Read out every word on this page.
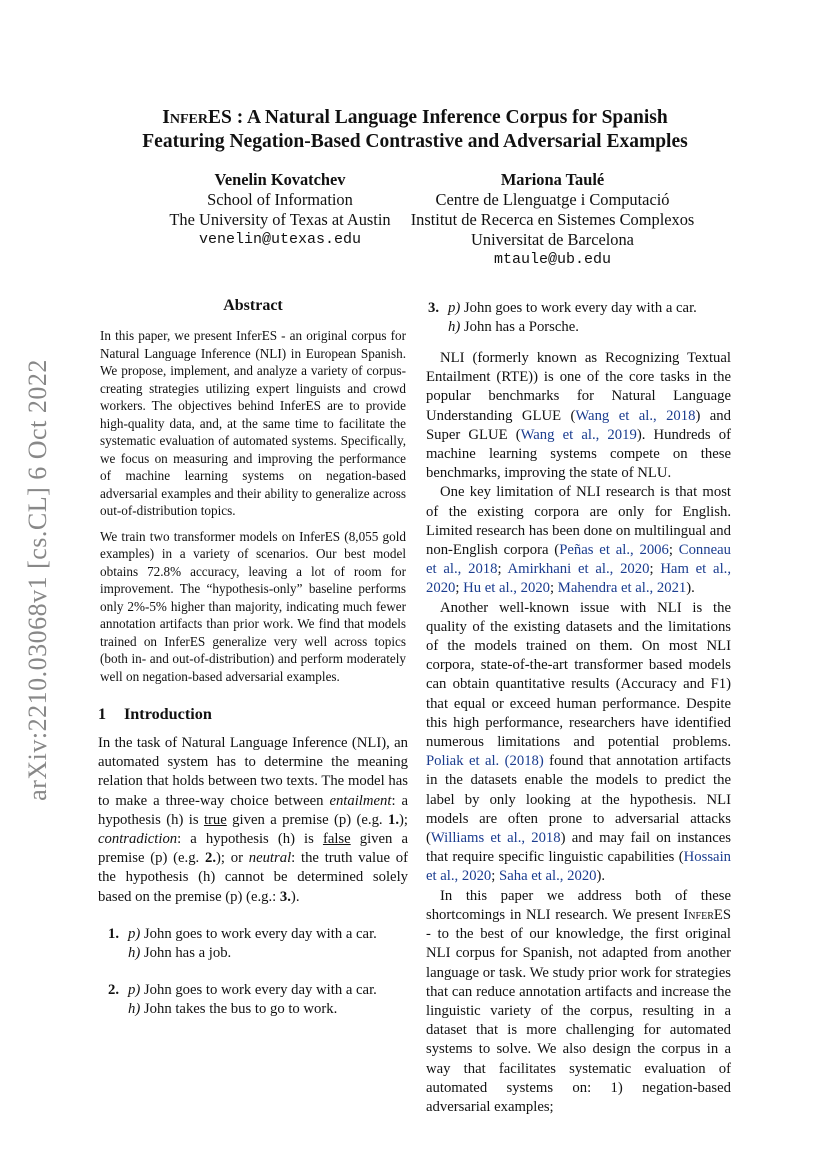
arXiv:2210.03068v1 [cs.CL] 6 Oct 2022
InferES : A Natural Language Inference Corpus for Spanish
Featuring Negation-Based Contrastive and Adversarial Examples
Venelin Kovatchev
School of Information
The University of Texas at Austin
venelin@utexas.edu
Mariona Taulé
Centre de Llenguatge i Computació
Institut de Recerca en Sistemes Complexos
Universitat de Barcelona
mtaule@ub.edu
Abstract

In this paper, we present InferES - an original corpus for Natural Language Inference (NLI) in European Spanish. We propose, implement, and analyze a variety of corpus-creating strategies utilizing expert linguists and crowd workers. The objectives behind InferES are to provide high-quality data, and, at the same time to facilitate the systematic evaluation of automated systems. Specifically, we focus on measuring and improving the performance of machine learning systems on negation-based adversarial examples and their ability to generalize across out-of-distribution topics.

We train two transformer models on InferES (8,055 gold examples) in a variety of scenarios. Our best model obtains 72.8% accuracy, leaving a lot of room for improvement. The “hypothesis-only” baseline performs only 2%-5% higher than majority, indicating much fewer annotation artifacts than prior work. We find that models trained on InferES generalize very well across topics (both in- and out-of-distribution) and perform moderately well on negation-based adversarial examples.

1 Introduction

In the task of Natural Language Inference (NLI), an automated system has to determine the meaning relation that holds between two texts. The model has to make a three-way choice between entailment: a hypothesis (h) is true given a premise (p) (e.g. 1.); contradiction: a hypothesis (h) is false given a premise (p) (e.g. 2.); or neutral: the truth value of the hypothesis (h) cannot be determined solely based on the premise (p) (e.g.: 3.).

1. p) John goes to work every day with a car.
h) John has a job.
2. p) John goes to work every day with a car.
h) John takes the bus to go to work.
3. p) John goes to work every day with a car.
h) John has a Porsche.

NLI (formerly known as Recognizing Textual Entailment (RTE)) is one of the core tasks in the popular benchmarks for Natural Language Understanding GLUE (Wang et al., 2018) and Super GLUE (Wang et al., 2019). Hundreds of machine learning systems compete on these benchmarks, improving the state of NLU.

One key limitation of NLI research is that most of the existing corpora are only for English. Limited research has been done on multilingual and non-English corpora (Peñas et al., 2006; Conneau et al., 2018; Amirkhani et al., 2020; Ham et al., 2020; Hu et al., 2020; Mahendra et al., 2021).

Another well-known issue with NLI is the quality of the existing datasets and the limitations of the models trained on them. On most NLI corpora, state-of-the-art transformer based models can obtain quantitative results (Accuracy and F1) that equal or exceed human performance. Despite this high performance, researchers have identified numerous limitations and potential problems. Poliak et al. (2018) found that annotation artifacts in the datasets enable the models to predict the label by only looking at the hypothesis. NLI models are often prone to adversarial attacks (Williams et al., 2018) and may fail on instances that require specific linguistic capabilities (Hossain et al., 2020; Saha et al., 2020).

In this paper we address both of these shortcomings in NLI research. We present InferES - to the best of our knowledge, the first original NLI corpus for Spanish, not adapted from another language or task. We study prior work for strategies that can reduce annotation artifacts and increase the linguistic variety of the corpus, resulting in a dataset that is more challenging for automated systems to solve. We also design the corpus in a way that facilitates systematic evaluation of automated systems on: 1) negation-based adversarial examples;
